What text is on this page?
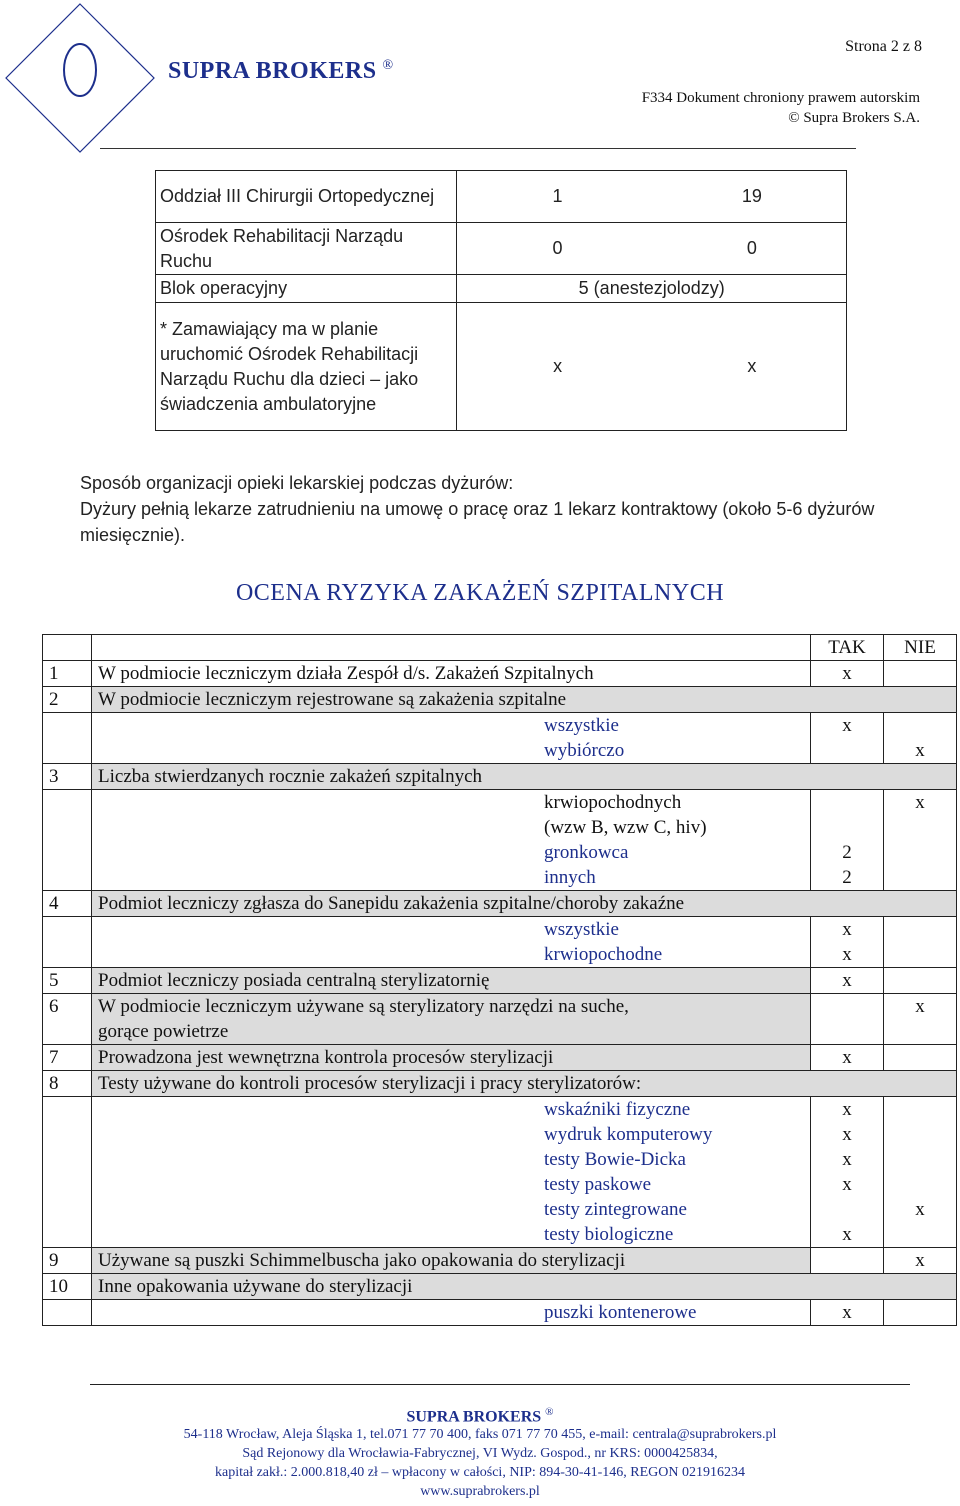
SUPRA BROKERS ®
Strona 2 z 8
F334 Dokument chroniony prawem autorskim
© Supra Brokers S.A.
Oddział III Chirurgii Ortopedycznej	1	19
Ośrodek Rehabilitacji Narządu Ruchu	0	0
Blok operacyjny	5 (anestezjolodzy)	
* Zamawiający ma w planie uruchomić Ośrodek Rehabilitacji Narządu Ruchu dla dzieci – jako świadczenia ambulatoryjne	x	x
Sposób organizacji opieki lekarskiej podczas dyżurów:
Dyżury pełnią lekarze zatrudnieniu na umowę o pracę oraz 1 lekarz kontraktowy (około 5-6 dyżurów miesięcznie).
OCENA RYZYKA ZAKAŻEŃ SZPITALNYCH
		TAK	NIE
1	W podmiocie leczniczym działa Zespół d/s. Zakażeń Szpitalnych	x	
2	W podmiocie leczniczym rejestrowane są zakażenia szpitalne		
	wszystkie	x	
	wybiórczo		x
3	Liczba stwierdzanych rocznie zakażeń szpitalnych		
	krwiopochodnych		x
	(wzw B, wzw C, hiv)		
	gronkowca	2	
	innych	2	
4	Podmiot leczniczy zgłasza do Sanepidu zakażenia szpitalne/choroby zakaźne		
	wszystkie	x	
	krwiopochodne	x	
5	Podmiot leczniczy posiada centralną sterylizatornię	x	
6	W podmiocie leczniczym używane są sterylizatory narzędzi na suche,		x
	gorące powietrze		
7	Prowadzona jest wewnętrzna kontrola procesów sterylizacji	x	
8	Testy używane do kontroli procesów sterylizacji i pracy sterylizatorów:		
	wskaźniki fizyczne	x	
	wydruk komputerowy	x	
	testy Bowie-Dicka	x	
	testy paskowe	x	
	testy zintegrowane		x
	testy biologiczne	x	
9	Używane są puszki Schimmelbuscha jako opakowania do sterylizacji		x
10	Inne opakowania używane do sterylizacji		
	puszki kontenerowe	x	
SUPRA BROKERS ®
54-118 Wrocław, Aleja Śląska 1, tel.071 77 70 400, faks 071 77 70 455, e-mail: centrala@suprabrokers.pl
Sąd Rejonowy dla Wrocławia-Fabrycznej, VI Wydz. Gospod., nr KRS: 0000425834,
kapitał zakł.: 2.000.818,40 zł – wpłacony w całości, NIP: 894-30-41-146, REGON 021916234
www.suprabrokers.pl
